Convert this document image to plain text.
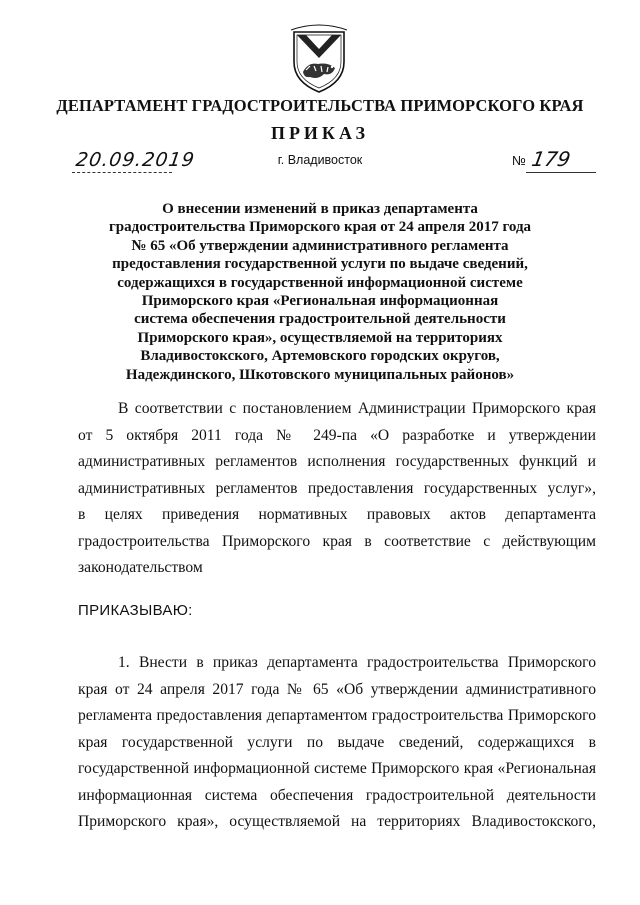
ДЕПАРТАМЕНТ ГРАДОСТРОИТЕЛЬСТВА ПРИМОРСКОГО КРАЯ
ПРИКАЗ
20.09.2019	г. Владивосток	№ 179
О внесении изменений в приказ департамента
градостроительства Приморского края от 24 апреля 2017 года
№ 65 «Об утверждении административного регламента
предоставления государственной услуги по выдаче сведений,
содержащихся в государственной информационной системе
Приморского края «Региональная информационная
система обеспечения градостроительной деятельности
Приморского края», осуществляемой на территориях
Владивостокского, Артемовского городских округов,
Надеждинского, Шкотовского муниципальных районов»
В соответствии с постановлением Администрации Приморского края
от 5 октября 2011 года № 249-па «О разработке и утверждении
административных регламентов исполнения государственных функций и
административных регламентов предоставления государственных услуг»,
в целях приведения нормативных правовых актов департамента
градостроительства Приморского края в соответствие с действующим
законодательством
ПРИКАЗЫВАЮ:
1. Внести в приказ департамента градостроительства Приморского
края от 24 апреля 2017 года № 65 «Об утверждении административного
регламента предоставления департаментом градостроительства Приморского
края государственной услуги по выдаче сведений, содержащихся в
государственной информационной системе Приморского края «Региональная
информационная система обеспечения градостроительной деятельности
Приморского края», осуществляемой на территориях Владивостокского,
